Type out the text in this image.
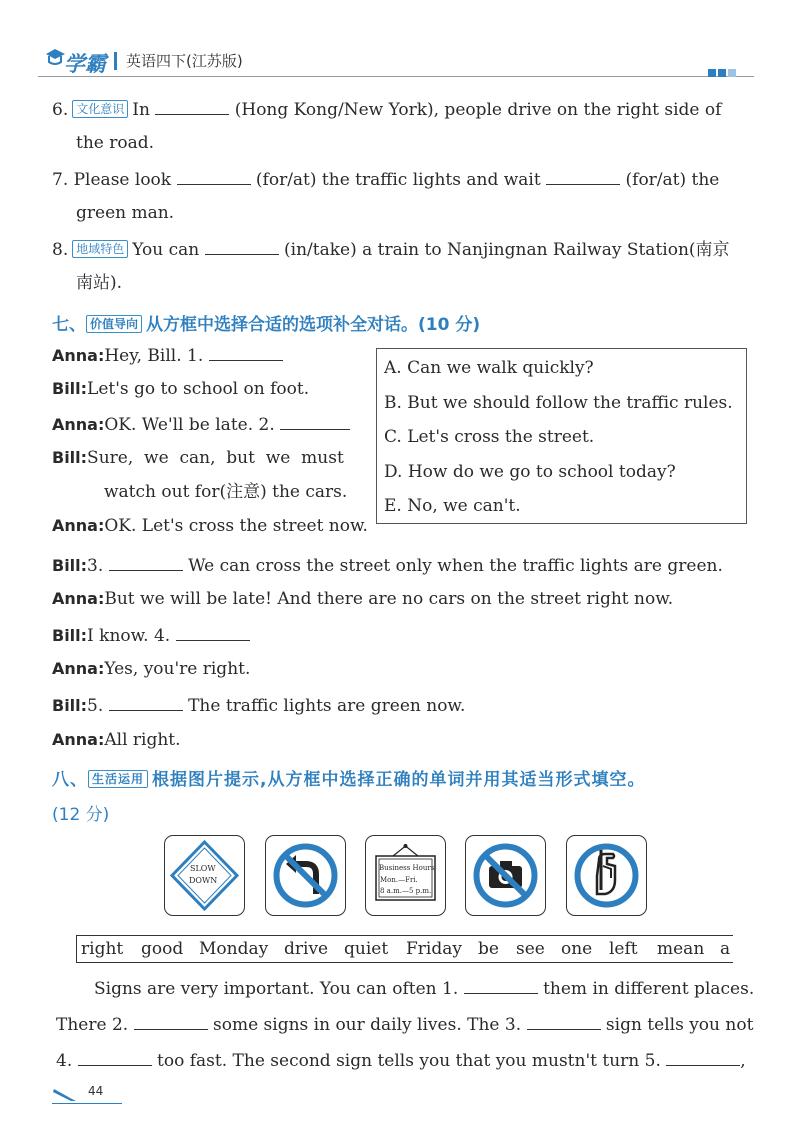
学霸 英语四下(江苏版)
6. 文化意识 In	(Hong Kong/New York), people drive on the right side of
the road.
7. Please look	(for/at) the traffic lights and wait	(for/at) the
green man.
8. 地域特色 You can	(in/take) a train to Nanjingnan Railway Station(南京
南站).
七、 价值导向 从方框中选择合适的选项补全对话。(10 分)
A. Can we walk quickly?
B. But we should follow the traffic rules.
C. Let's cross the street.
D. How do we go to school today?
E. No, we can't.
Anna:Hey, Bill. 1.
Bill:Let's go to school on foot.
Anna:OK. We'll be late. 2.
Bill:Sure,  we  can,  but  we  must
watch out for(注意) the cars.
Anna:OK. Let's cross the street now.
Bill:3.	We can cross the street only when the traffic lights are green.
Anna:But we will be late! And there are no cars on the street right now.
Bill:I know. 4.
Anna:Yes, you're right.
Bill:5.	The traffic lights are green now.
Anna:All right.
八、 生活运用 根据图片提示,从方框中选择正确的单词并用其适当形式填空。
(12 分)
SLOW
DOWN
Business Hours
Mon.—Fri.
8 a.m.—5 p.m.
right good Monday drive quiet Friday be see one left mean a
Signs are very important. You can often 1.	them in different places.
There 2.	some signs in our daily lives. The 3.	sign tells you not
4.	too fast. The second sign tells you that you mustn't turn 5.	,
44
